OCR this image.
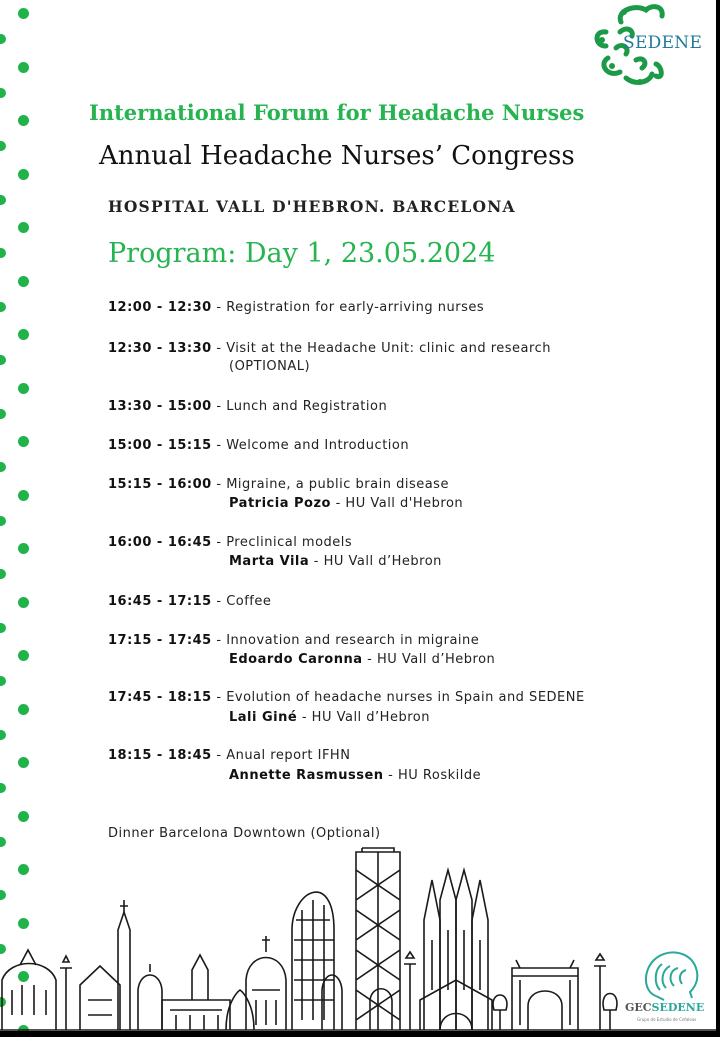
SEDENE
International Forum for Headache Nurses
Annual Headache Nurses’ Congress
HOSPITAL VALL D'HEBRON. BARCELONA
Program: Day 1, 23.05.2024
12:00 - 12:30 - Registration for early-arriving nurses
12:30 - 13:30 - Visit at the Headache Unit: clinic and research
(OPTIONAL)
13:30 - 15:00 - Lunch and Registration
15:00 - 15:15 - Welcome and Introduction
15:15 - 16:00 - Migraine, a public brain disease
Patricia Pozo - HU Vall d'Hebron
16:00 - 16:45 - Preclinical models
Marta Vila - HU Vall d’Hebron
16:45 - 17:15 - Coffee
17:15 - 17:45 - Innovation and research in migraine
Edoardo Caronna - HU Vall d’Hebron
17:45 - 18:15 - Evolution of headache nurses in Spain and SEDENE
Lali Giné - HU Vall d’Hebron
18:15 - 18:45 - Anual report IFHN
Annette Rasmussen - HU Roskilde
Dinner Barcelona Downtown (Optional)
GECSEDENE
Grupo de Estudio de Cefaleas
